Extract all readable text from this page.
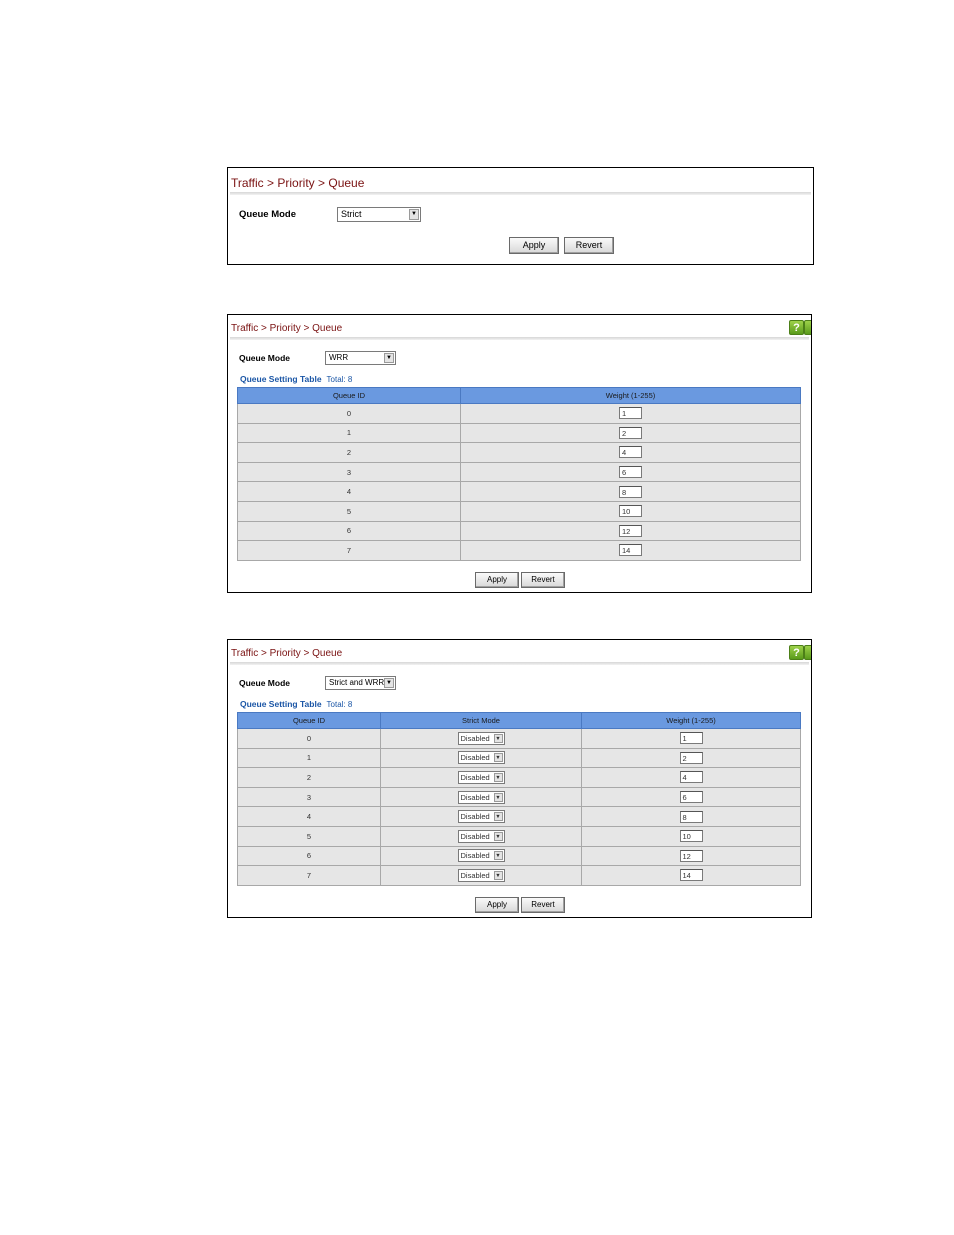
Traffic > Priority > Queue
Queue Mode	Strict	▼
Apply	Revert
Traffic > Priority > Queue	?
Queue Mode	WRR	▼
Queue Setting Table Total: 8
Queue ID	Weight (1-255)
0	1
1	2
2	4
3	6
4	8
5	10
6	12
7	14
Apply	Revert
Traffic > Priority > Queue	?
Queue Mode	Strict and WRR ▼
Queue Setting Table Total: 8
Queue ID	Strict Mode	Weight (1-255)
0	Disabled ▼	1
1	Disabled ▼	2
2	Disabled ▼	4
3	Disabled ▼	6
4	Disabled ▼	8
5	Disabled ▼	10
6	Disabled ▼	12
7	Disabled ▼	14
Apply	Revert
